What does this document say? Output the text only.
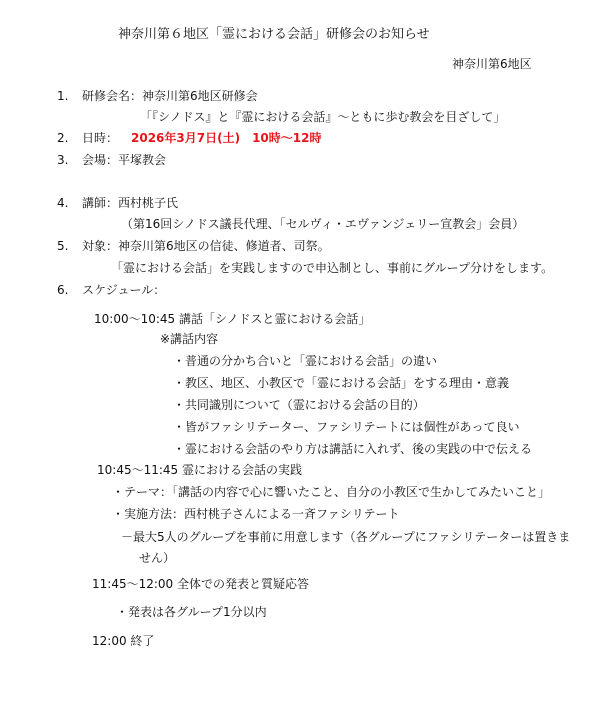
神奈川第６地区「霊における会話」研修会のお知らせ
神奈川第6地区
1. 研修会名：神奈川第6地区研修会
「『シノドス』と『霊における会話』～ともに歩む教会を目ざして」
2. 日時： 2026年3月7日(土)　10時～12時
3. 会場：平塚教会
4. 講師：西村桃子氏
（第16回シノドス議長代理、「セルヴィ・エヴァンジェリー宣教会」会員）
5. 対象：神奈川第6地区の信徒、修道者、司祭。
「霊における会話」を実践しますので申込制とし、事前にグループ分けをします。
6. スケジュール：
10:00～10:45 講話「シノドスと霊における会話」
※講話内容
・普通の分かち合いと「霊における会話」の違い
・教区、地区、小教区で「霊における会話」をする理由・意義
・共同識別について（霊における会話の目的）
・皆がファシリテーター、ファシリテートには個性があって良い
・霊における会話のやり方は講話に入れず、後の実践の中で伝える
10:45～11:45 霊における会話の実践
・テーマ：「講話の内容で心に響いたこと、自分の小教区で生かしてみたいこと」
・実施方法：西村桃子さんによる一斉ファシリテート
－最大5人のグループを事前に用意します（各グループにファシリテーターは置きま
せん）
11:45～12:00 全体での発表と質疑応答
・発表は各グループ1分以内
12:00 終了
